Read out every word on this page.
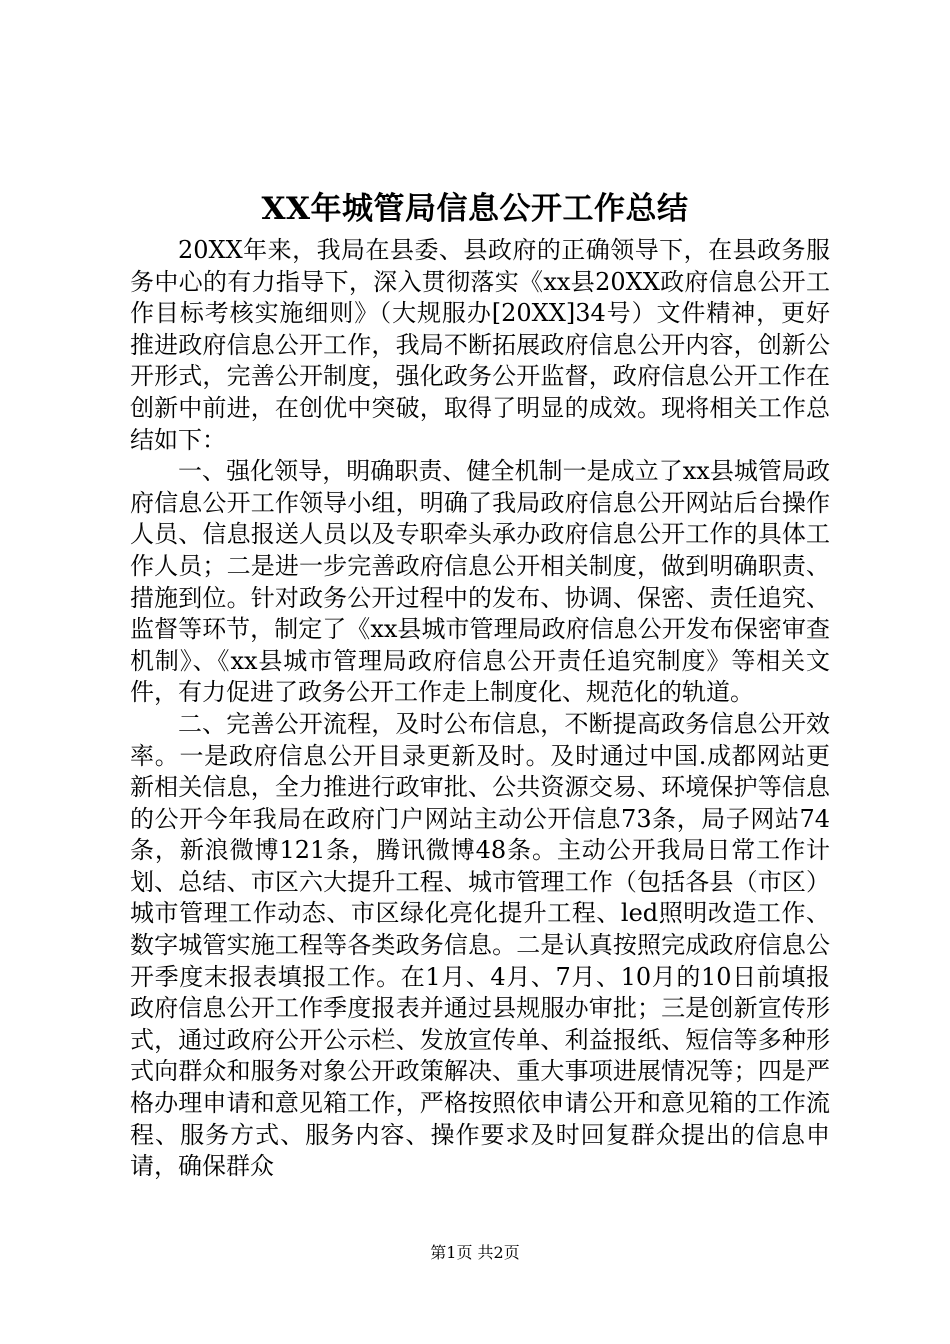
XX年城管局信息公开工作总结

20XX年来，我局在县委、县政府的正确领导下，在县政务服务中心的有力指导下，深入贯彻落实《xx县20XX政府信息公开工作目标考核实施细则》（大规服办[20XX]34号）文件精神，更好推进政府信息公开工作，我局不断拓展政府信息公开内容，创新公开形式，完善公开制度，强化政务公开监督，政府信息公开工作在创新中前进，在创优中突破，取得了明显的成效。现将相关工作总结如下：

一、强化领导，明确职责、健全机制一是成立了xx县城管局政府信息公开工作领导小组，明确了我局政府信息公开网站后台操作人员、信息报送人员以及专职牵头承办政府信息公开工作的具体工作人员；二是进一步完善政府信息公开相关制度，做到明确职责、措施到位。针对政务公开过程中的发布、协调、保密、责任追究、监督等环节，制定了《xx县城市管理局政府信息公开发布保密审查机制》、《xx县城市管理局政府信息公开责任追究制度》等相关文件，有力促进了政务公开工作走上制度化、规范化的轨道。

二、完善公开流程，及时公布信息，不断提高政务信息公开效率。一是政府信息公开目录更新及时。及时通过中国.成都网站更新相关信息，全力推进行政审批、公共资源交易、环境保护等信息的公开今年我局在政府门户网站主动公开信息73条，局子网站74条，新浪微博121条，腾讯微博48条。主动公开我局日常工作计划、总结、市区六大提升工程、城市管理工作（包括各县（市区）城市管理工作动态、市区绿化亮化提升工程、led照明改造工作、数字城管实施工程等各类政务信息。二是认真按照完成政府信息公开季度末报表填报工作。在1月、4月、7月、10月的10日前填报政府信息公开工作季度报表并通过县规服办审批；三是创新宣传形式，通过政府公开公示栏、发放宣传单、利益报纸、短信等多种形式向群众和服务对象公开政策解决、重大事项进展情况等；四是严格办理申请和意见箱工作，严格按照依申请公开和意见箱的工作流程、服务方式、服务内容、操作要求及时回复群众提出的信息申请，确保群众

第1页 共2页
